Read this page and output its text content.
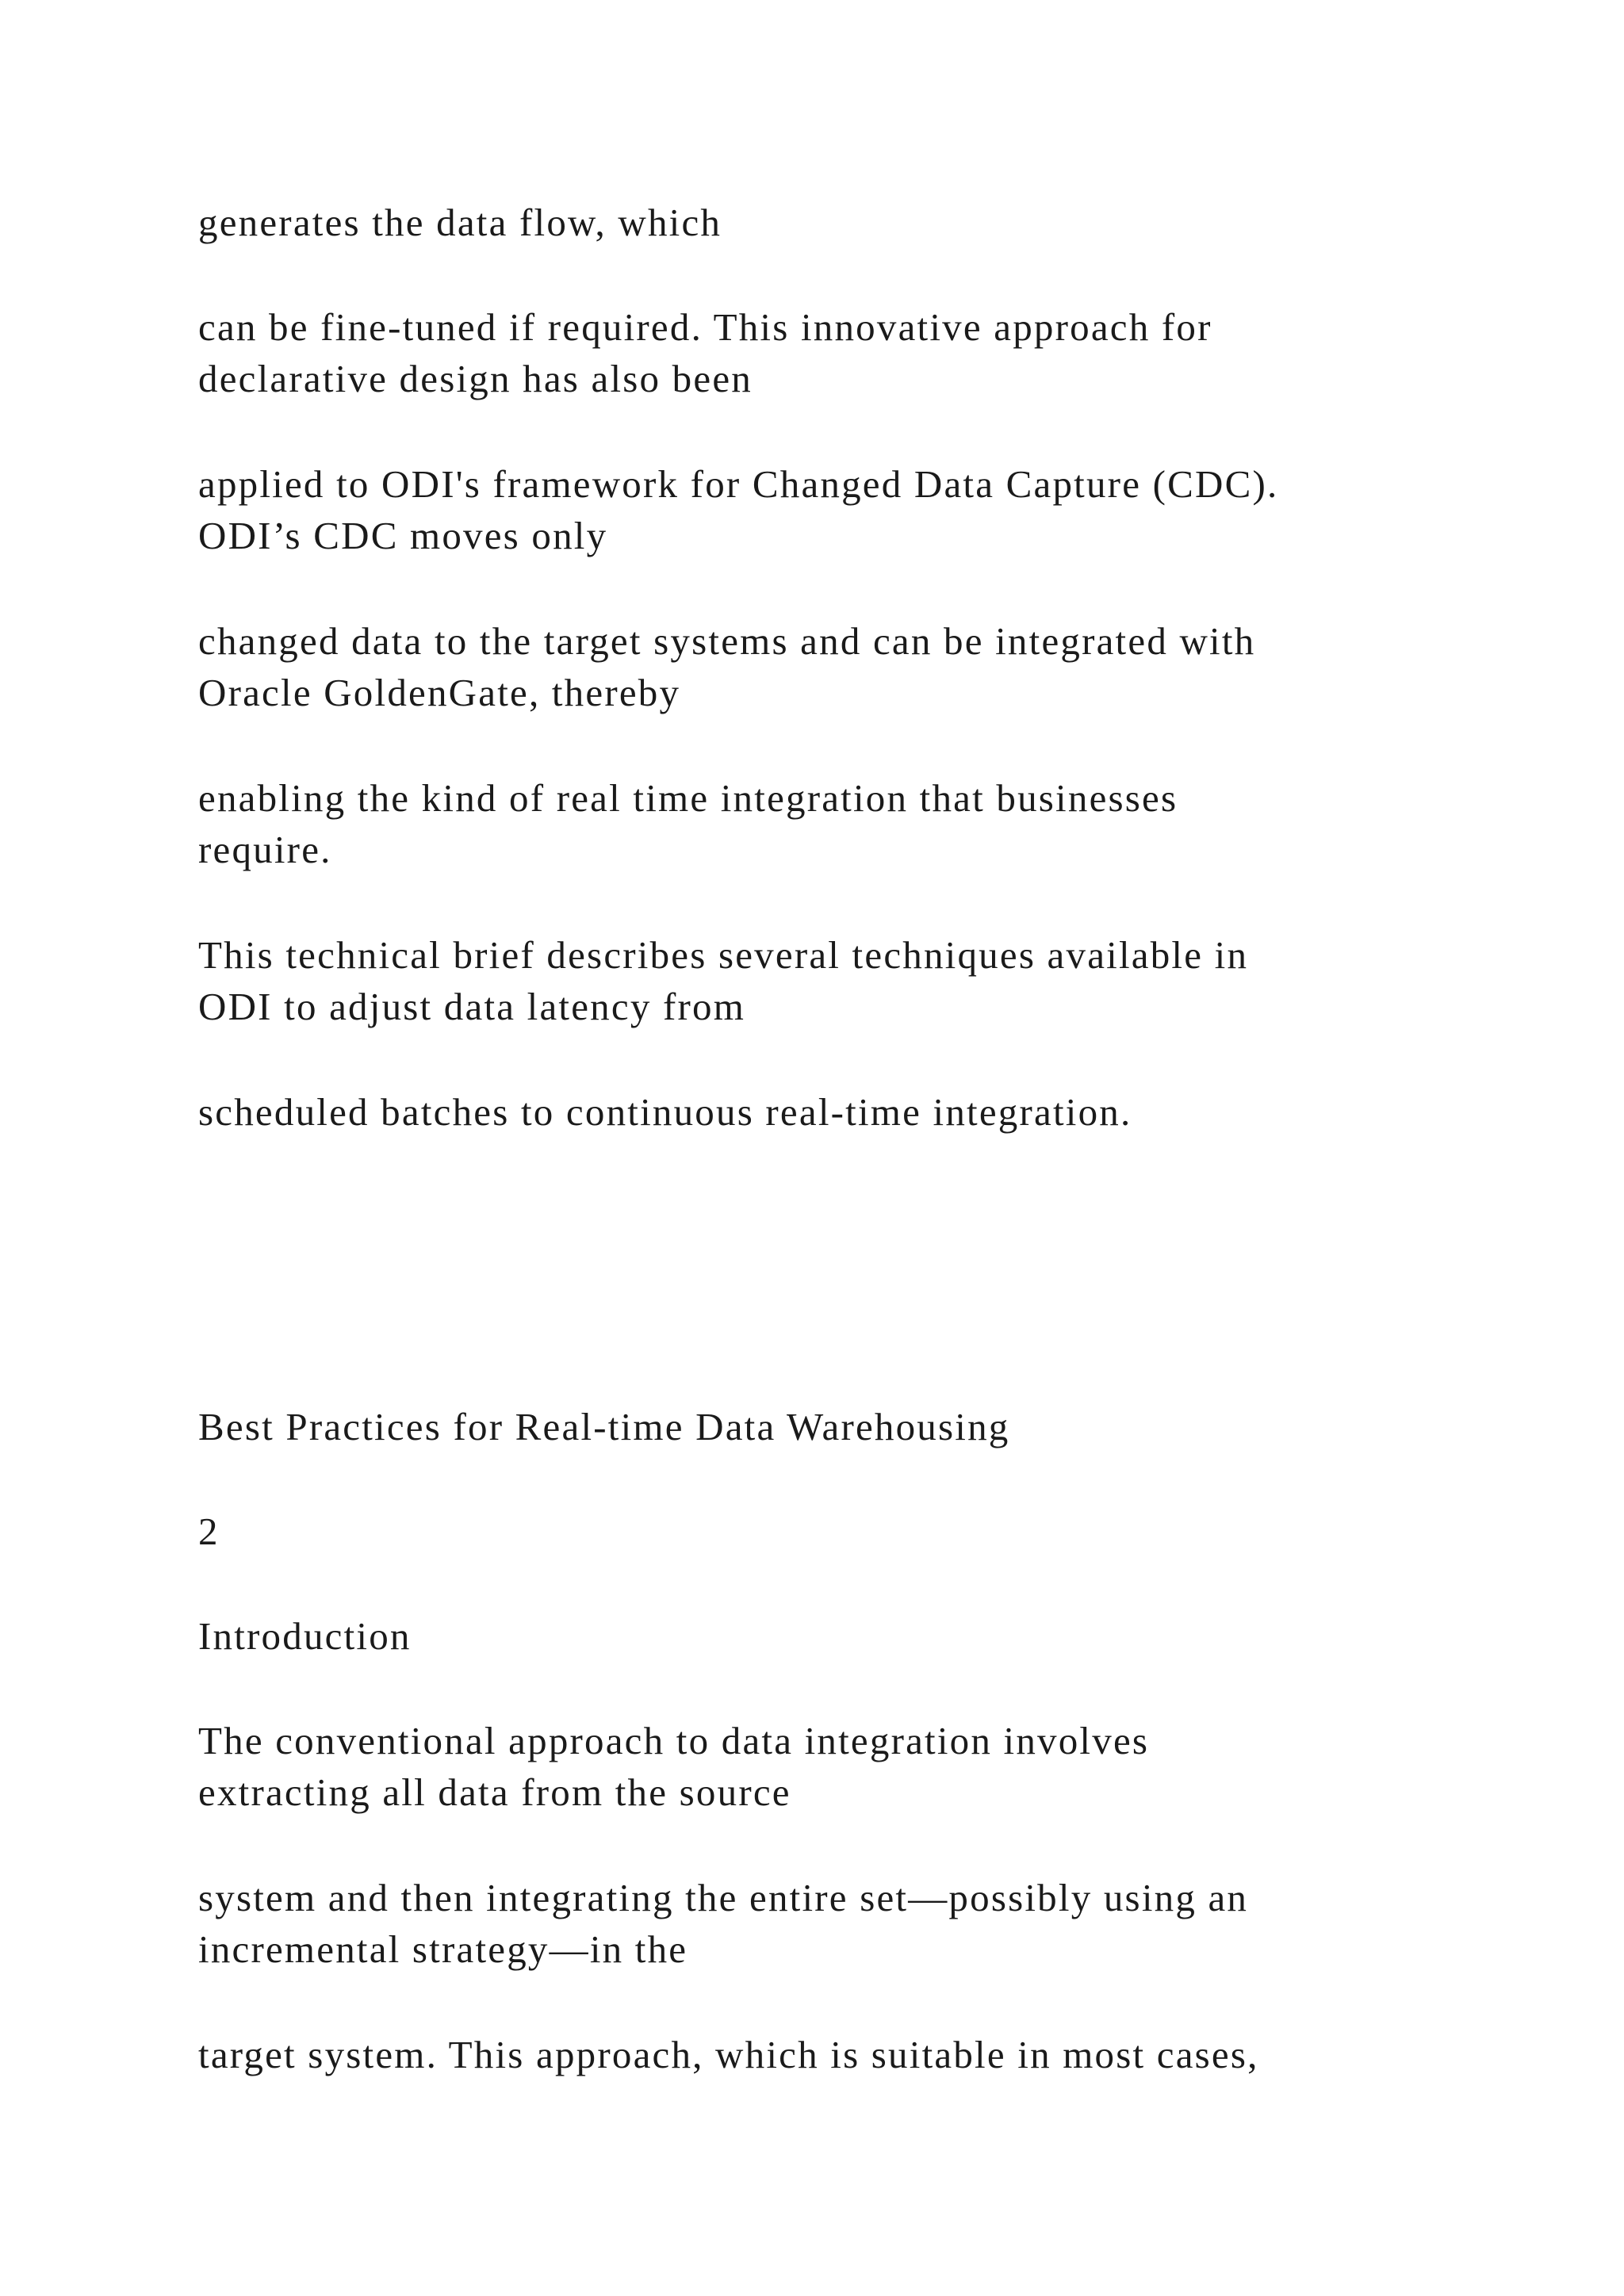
generates the data flow, which
can be fine-tuned if required. This innovative approach for
declarative design has also been
applied to ODI's framework for Changed Data Capture (CDC).
ODI’s CDC moves only
changed data to the target systems and can be integrated with
Oracle GoldenGate, thereby
enabling the kind of real time integration that businesses
require.
This technical brief describes several techniques available in
ODI to adjust data latency from
scheduled batches to continuous real-time integration.
Best Practices for Real-time Data Warehousing
2
Introduction
The conventional approach to data integration involves
extracting all data from the source
system and then integrating the entire set—possibly using an
incremental strategy—in the
target system. This approach, which is suitable in most cases,
